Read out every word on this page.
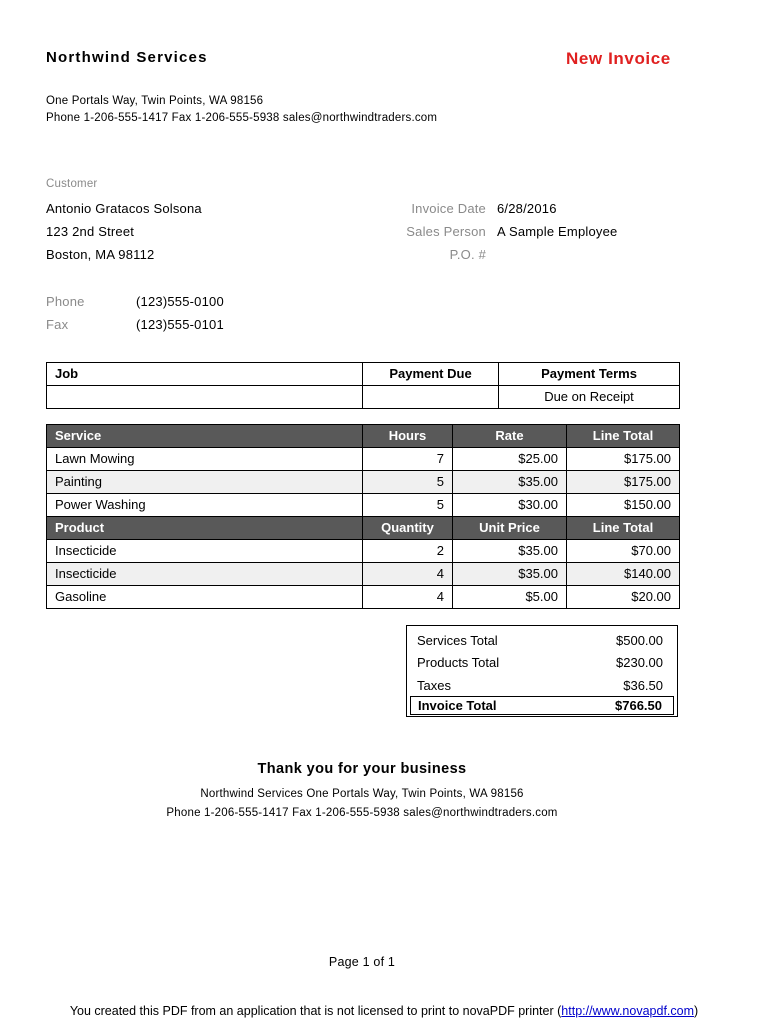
Northwind Services	New Invoice
One Portals Way, Twin Points, WA 98156
Phone 1-206-555-1417 Fax 1-206-555-5938 sales@northwindtraders.com
Customer
Antonio Gratacos Solsona
123 2nd Street
Boston, MA 98112
Phone	(123)555-0100
Fax	(123)555-0101
Invoice Date 6/28/2016
Sales Person A Sample Employee
P.O. #
Job	Payment Due	Payment Terms
		Due on Receipt
Service	Hours	Rate	Line Total
Lawn Mowing	7	$25.00	$175.00
Painting	5	$35.00	$175.00
Power Washing	5	$30.00	$150.00
Product	Quantity	Unit Price	Line Total
Insecticide	2	$35.00	$70.00
Insecticide	4	$35.00	$140.00
Gasoline	4	$5.00	$20.00
Services Total	$500.00
Products Total	$230.00
Taxes	$36.50
Invoice Total	$766.50
Thank you for your business
Northwind Services One Portals Way, Twin Points, WA 98156
Phone 1-206-555-1417 Fax 1-206-555-5938 sales@northwindtraders.com
Page 1 of 1
You created this PDF from an application that is not licensed to print to novaPDF printer (http://www.novapdf.com)
